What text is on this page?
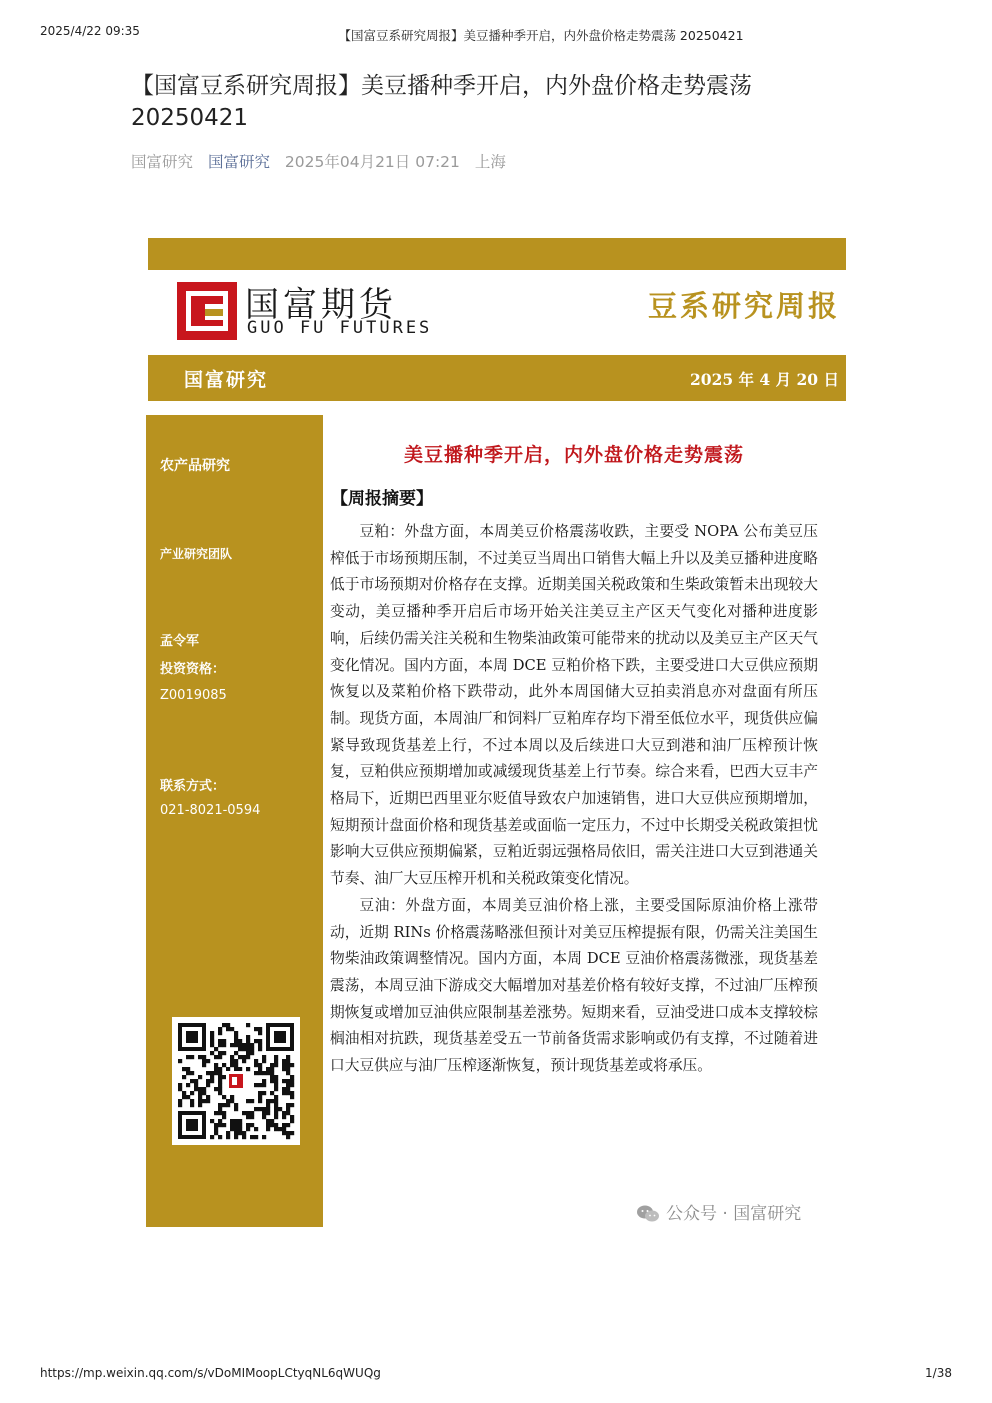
2025/4/22 09:35	【国富豆系研究周报】美豆播种季开启，内外盘价格走势震荡 20250421
【国富豆系研究周报】美豆播种季开启，内外盘价格走势震荡 20250421
国富研究 国富研究 2025年04月21日 07:21 上海
国富期货
GUO FU FUTURES
豆系研究周报
国富研究	2025 年 4 月 20 日
农产品研究
产业研究团队
孟令军
投资资格：
Z0019085
联系方式：
021-8021-0594
美豆播种季开启，内外盘价格走势震荡
【周报摘要】

豆粕：外盘方面，本周美豆价格震荡收跌，主要受 NOPA 公布美豆压榨低于市场预期压制，不过美豆当周出口销售大幅上升以及美豆播种进度略低于市场预期对价格存在支撑。近期美国关税政策和生柴政策暂未出现较大变动，美豆播种季开启后市场开始关注美豆主产区天气变化对播种进度影响，后续仍需关注关税和生物柴油政策可能带来的扰动以及美豆主产区天气变化情况。国内方面，本周 DCE 豆粕价格下跌，主要受进口大豆供应预期恢复以及菜粕价格下跌带动，此外本周国储大豆拍卖消息亦对盘面有所压制。现货方面，本周油厂和饲料厂豆粕库存均下滑至低位水平，现货供应偏紧导致现货基差上行，不过本周以及后续进口大豆到港和油厂压榨预计恢复，豆粕供应预期增加或减缓现货基差上行节奏。综合来看，巴西大豆丰产格局下，近期巴西里亚尔贬值导致农户加速销售，进口大豆供应预期增加，短期预计盘面价格和现货基差或面临一定压力，不过中长期受关税政策担忧影响大豆供应预期偏紧，豆粕近弱远强格局依旧，需关注进口大豆到港通关节奏、油厂大豆压榨开机和关税政策变化情况。

豆油：外盘方面，本周美豆油价格上涨，主要受国际原油价格上涨带动，近期 RINs 价格震荡略涨但预计对美豆压榨提振有限，仍需关注美国生物柴油政策调整情况。国内方面，本周 DCE 豆油价格震荡微涨，现货基差震荡，本周豆油下游成交大幅增加对基差价格有较好支撑，不过油厂压榨预期恢复或增加豆油供应限制基差涨势。短期来看，豆油受进口成本支撑较棕榈油相对抗跌，现货基差受五一节前备货需求影响或仍有支撑，不过随着进口大豆供应与油厂压榨逐渐恢复，预计现货基差或将承压。

公众号 · 国富研究
https://mp.weixin.qq.com/s/vDoMIMoopLCtyqNL6qWUQg	1/38
